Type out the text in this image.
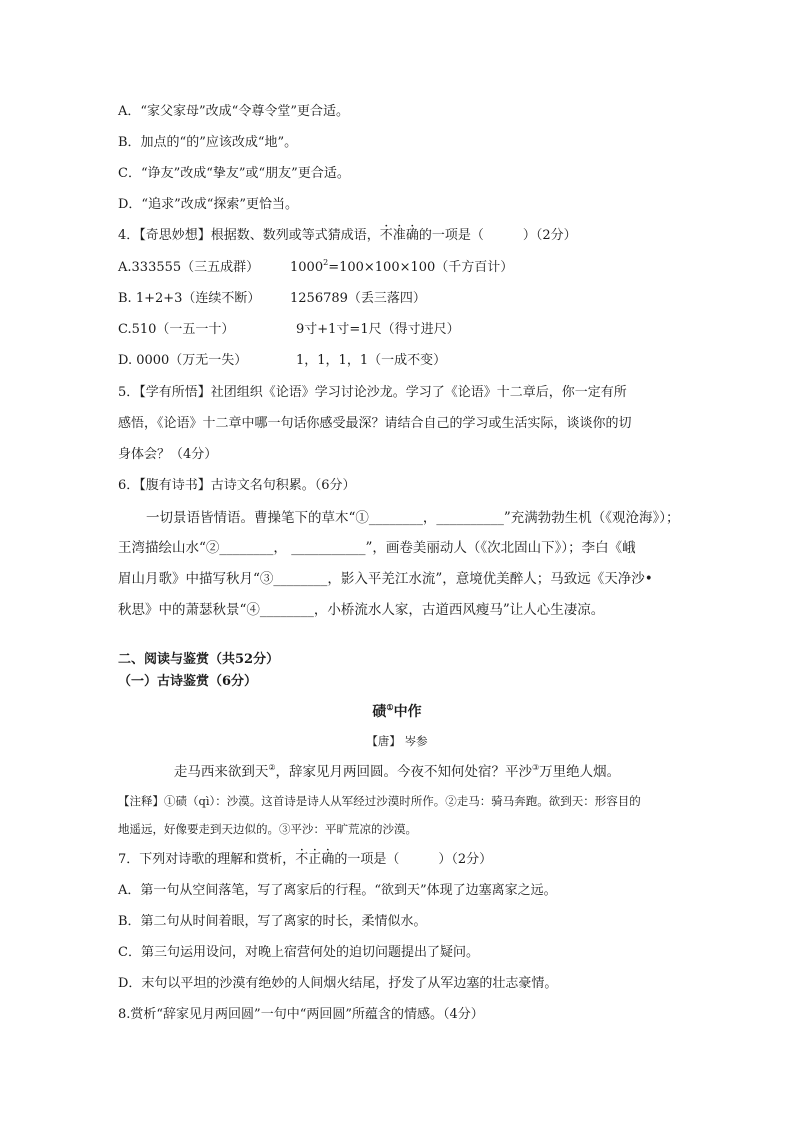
A．“家父家母”改成“令尊令堂”更合适。
B．加点的“的”应该改成“地”。
C．“诤友”改成“挚友”或“朋友”更合适。
D．“追求”改成“探索”更恰当。
4．【奇思妙想】根据数、数列或等式猜成语，不准确的一项是（　　　）（2分）
A.333555（三五成群） $1000^2=100\times 100\times 100$（千方百计）
B. 1+2+3（连续不断） 1256789（丢三落四）
C.510（一五一十）	9寸+1寸=1尺（得寸进尺）
D. 0000（万无一失）	1，1，1，1（一成不变）
5．【学有所悟】社团组织《论语》学习讨论沙龙。学习了《论语》十二章后，你一定有所
感悟，《论语》十二章中哪一句话你感受最深？请结合自己的学习或生活实际，谈谈你的切
身体会？（4分）
6．【腹有诗书】古诗文名句积累。（6分）
一切景语皆情语。曹操笔下的草木“①________，__________”充满勃勃生机（《观沧海》）；
王湾描绘山水“②________， ___________”，画卷美丽动人（《次北固山下》）；李白《峨
眉山月歌》中描写秋月“③________，影入平羌江水流”，意境优美醉人；马致远《天净沙•
秋思》中的萧瑟秋景“④________，小桥流水人家，古道西风瘦马”让人心生凄凉。
二、阅读与鉴赏（共52分）
（一）古诗鉴赏（6分）
碛①中作
【唐】 岑参
走马西来欲到天②，辞家见月两回圆。今夜不知何处宿？平沙③万里绝人烟。
【注释】①碛（qì）：沙漠。这首诗是诗人从军经过沙漠时所作。②走马：骑马奔跑。欲到天：形容目的
地遥远，好像要走到天边似的。③平沙：平旷荒凉的沙漠。
7．下列对诗歌的理解和赏析，不正确的一项是（　　　）（2分）
A．第一句从空间落笔，写了离家后的行程。“欲到天”体现了边塞离家之远。
B．第二句从时间着眼，写了离家的时长，柔情似水。
C．第三句运用设问，对晚上宿营何处的迫切问题提出了疑问。
D．末句以平坦的沙漠有绝妙的人间烟火结尾，抒发了从军边塞的壮志豪情。
8.赏析“辞家见月两回圆”一句中“两回圆”所蕴含的情感。（4分）
